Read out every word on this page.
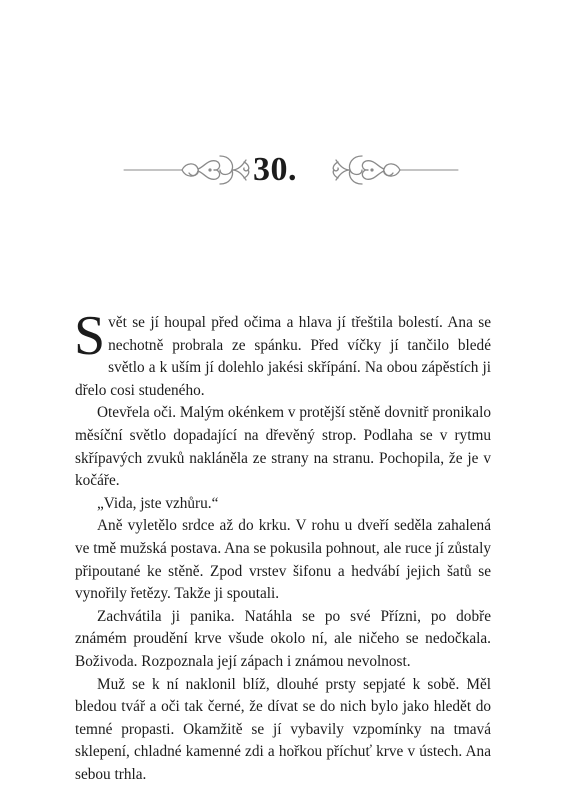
30.

Svět se jí houpal před očima a hlava jí třeštila bolestí. Ana se nechotně probrala ze spánku. Před víčky jí tančilo bledé světlo a k uším jí dolehlo jakési skřípání. Na obou zápěstích ji dřelo cosi studeného.

Otevřela oči. Malým okénkem v protější stěně dovnitř pronikalo měsíční světlo dopadající na dřevěný strop. Podlaha se v rytmu skřípavých zvuků nakláněla ze strany na stranu. Pochopila, že je v kočáře.

„Vida, jste vzhůru.“

Aně vyletělo srdce až do krku. V rohu u dveří seděla zahalená ve tmě mužská postava. Ana se pokusila pohnout, ale ruce jí zůstaly připoutané ke stěně. Zpod vrstev šifonu a hedvábí jejich šatů se vynořily řetězy. Takže ji spoutali.

Zachvátila ji panika. Natáhla se po své Přízni, po dobře známém proudění krve všude okolo ní, ale ničeho se nedočkala. Boživoda. Rozpoznala její zápach i známou nevolnost.

Muž se k ní naklonil blíž, dlouhé prsty sepjaté k sobě. Měl bledou tvář a oči tak černé, že dívat se do nich bylo jako hledět do temné propasti. Okamžitě se jí vybavily vzpomínky na tmavá sklepení, chladné kamenné zdi a hořkou příchuť krve v ústech. Ana sebou trhla.
